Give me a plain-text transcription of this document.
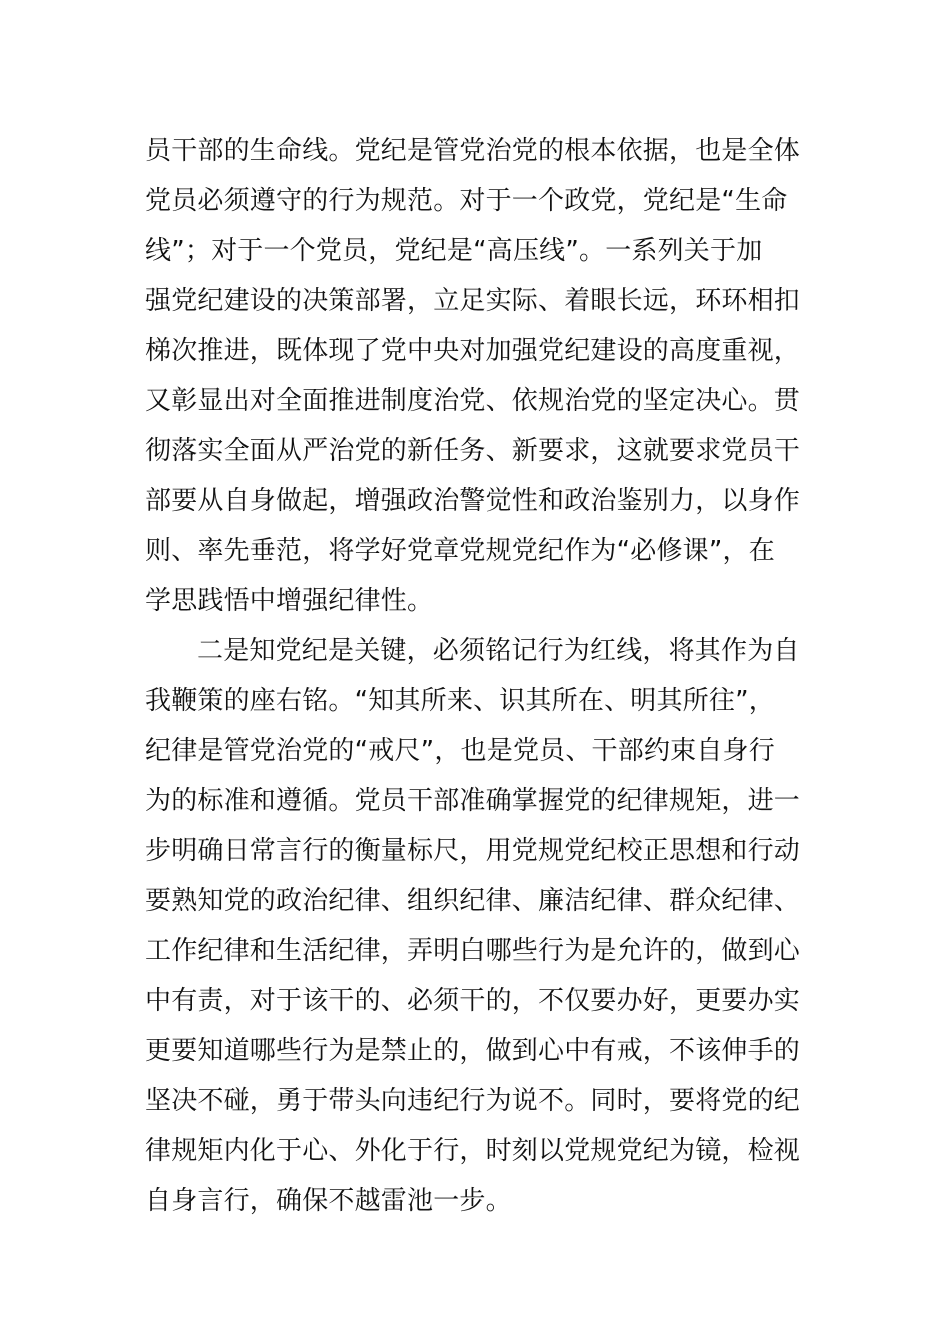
员干部的生命线。党纪是管党治党的根本依据，也是全体
党员必须遵守的行为规范。对于一个政党，党纪是“生命
线”；对于一个党员，党纪是“高压线”。一系列关于加
强党纪建设的决策部署，立足实际、着眼长远，环环相扣
梯次推进，既体现了党中央对加强党纪建设的高度重视，
又彰显出对全面推进制度治党、依规治党的坚定决心。贯
彻落实全面从严治党的新任务、新要求，这就要求党员干
部要从自身做起，增强政治警觉性和政治鉴别力，以身作
则、率先垂范，将学好党章党规党纪作为“必修课”，在
学思践悟中增强纪律性。
二是知党纪是关键，必须铭记行为红线，将其作为自
我鞭策的座右铭。“知其所来、识其所在、明其所往”，
纪律是管党治党的“戒尺”，也是党员、干部约束自身行
为的标准和遵循。党员干部准确掌握党的纪律规矩，进一
步明确日常言行的衡量标尺，用党规党纪校正思想和行动
要熟知党的政治纪律、组织纪律、廉洁纪律、群众纪律、
工作纪律和生活纪律，弄明白哪些行为是允许的，做到心
中有责，对于该干的、必须干的，不仅要办好，更要办实
更要知道哪些行为是禁止的，做到心中有戒，不该伸手的
坚决不碰，勇于带头向违纪行为说不。同时，要将党的纪
律规矩内化于心、外化于行，时刻以党规党纪为镜，检视
自身言行，确保不越雷池一步。
